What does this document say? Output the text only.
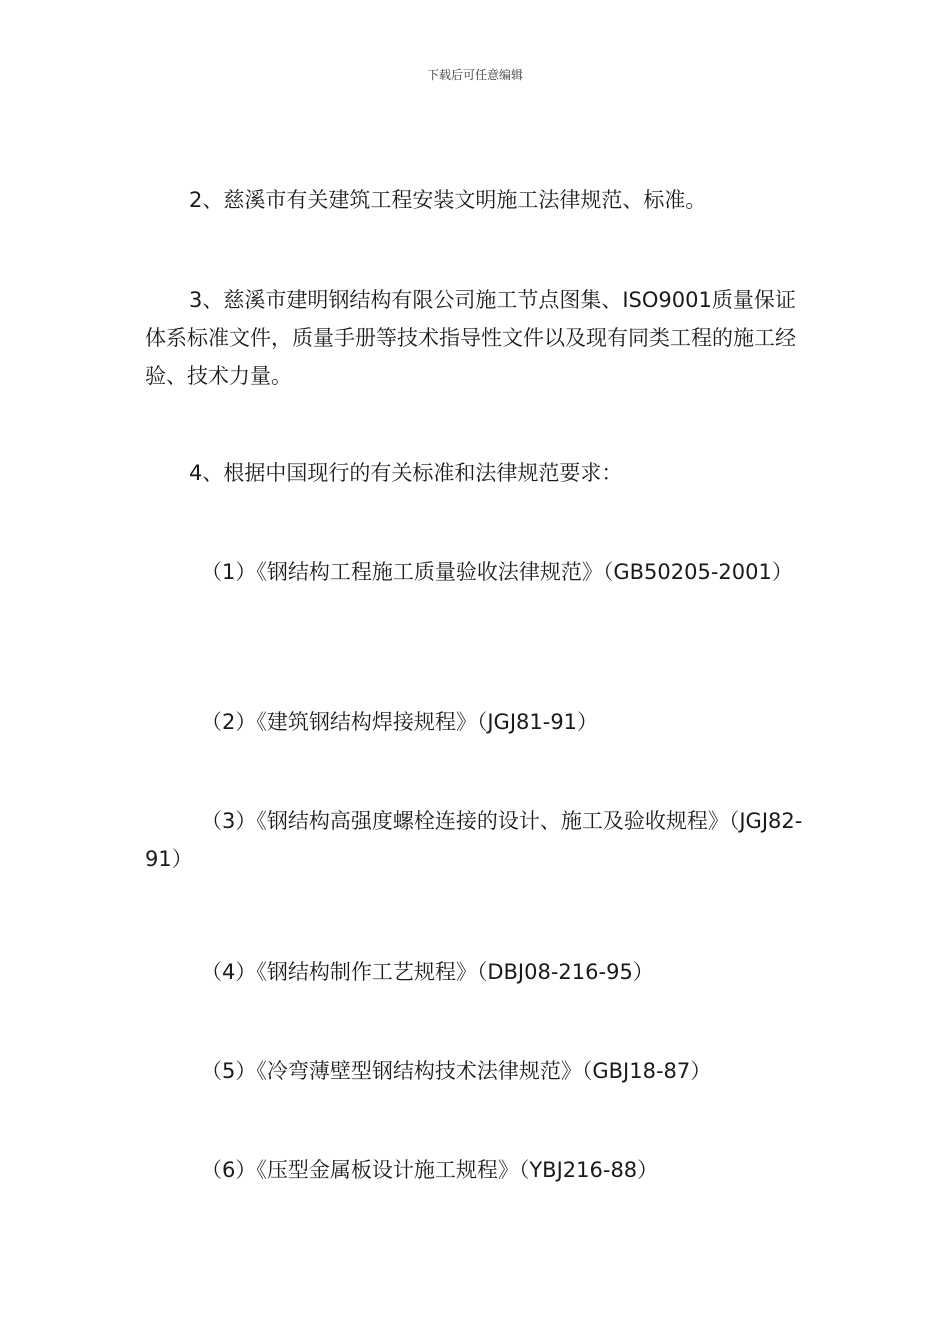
下载后可任意编辑

2、慈溪市有关建筑工程安装文明施工法律规范、标准。

3、慈溪市建明钢结构有限公司施工节点图集、ISO9001质量保证体系标准文件，质量手册等技术指导性文件以及现有同类工程的施工经验、技术力量。

4、根据中国现行的有关标准和法律规范要求：

（1）《钢结构工程施工质量验收法律规范》（GB50205-2001）

（2）《建筑钢结构焊接规程》（JGJ81-91）

（3）《钢结构高强度螺栓连接的设计、施工及验收规程》（JGJ82-91）

（4）《钢结构制作工艺规程》（DBJ08-216-95）

（5）《冷弯薄壁型钢结构技术法律规范》（GBJ18-87）

（6）《压型金属板设计施工规程》（YBJ216-88）
